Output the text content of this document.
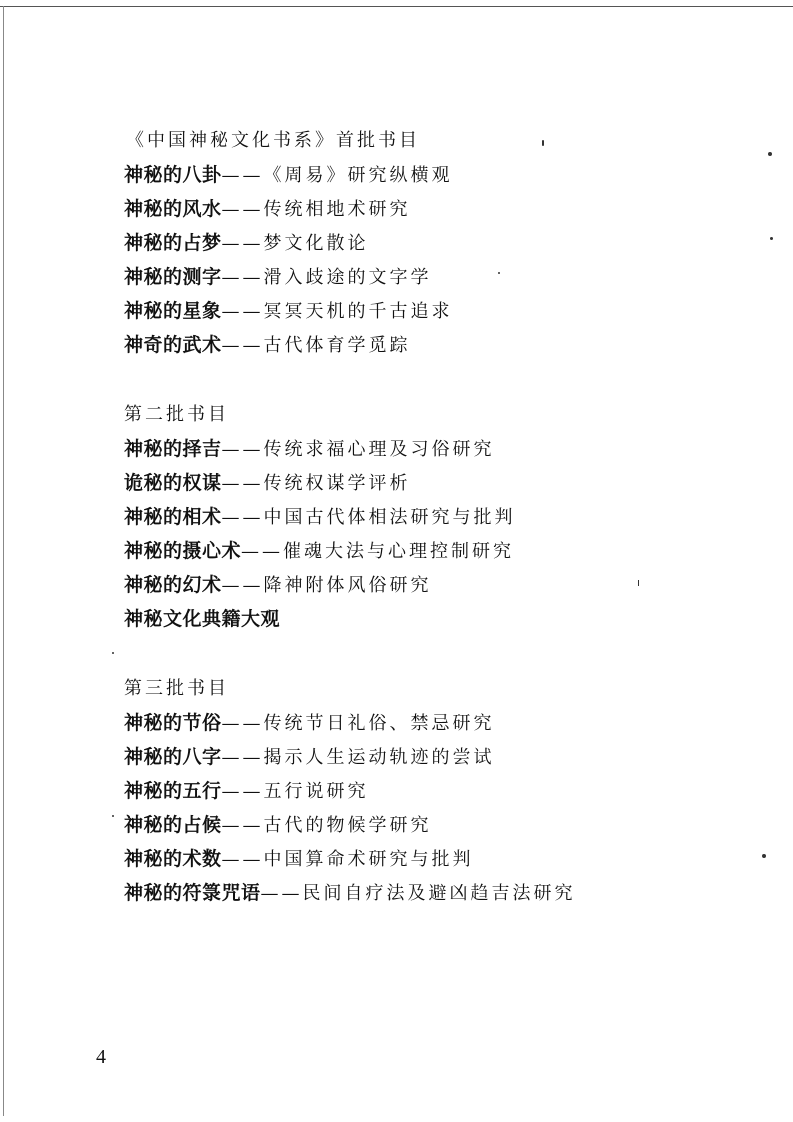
《中国神秘文化书系》首批书目
神秘的八卦——《周易》研究纵横观
神秘的风水——传统相地术研究
神秘的占梦——梦文化散论
神秘的测字——滑入歧途的文字学
神秘的星象——冥冥天机的千古追求
神奇的武术——古代体育学觅踪
第二批书目
神秘的择吉——传统求福心理及习俗研究
诡秘的权谋——传统权谋学评析
神秘的相术——中国古代体相法研究与批判
神秘的摄心术——催魂大法与心理控制研究
神秘的幻术——降神附体风俗研究
神秘文化典籍大观
第三批书目
神秘的节俗——传统节日礼俗、禁忌研究
神秘的八字——揭示人生运动轨迹的尝试
神秘的五行——五行说研究
神秘的占候——古代的物候学研究
神秘的术数——中国算命术研究与批判
神秘的符箓咒语——民间自疗法及避凶趋吉法研究
4
